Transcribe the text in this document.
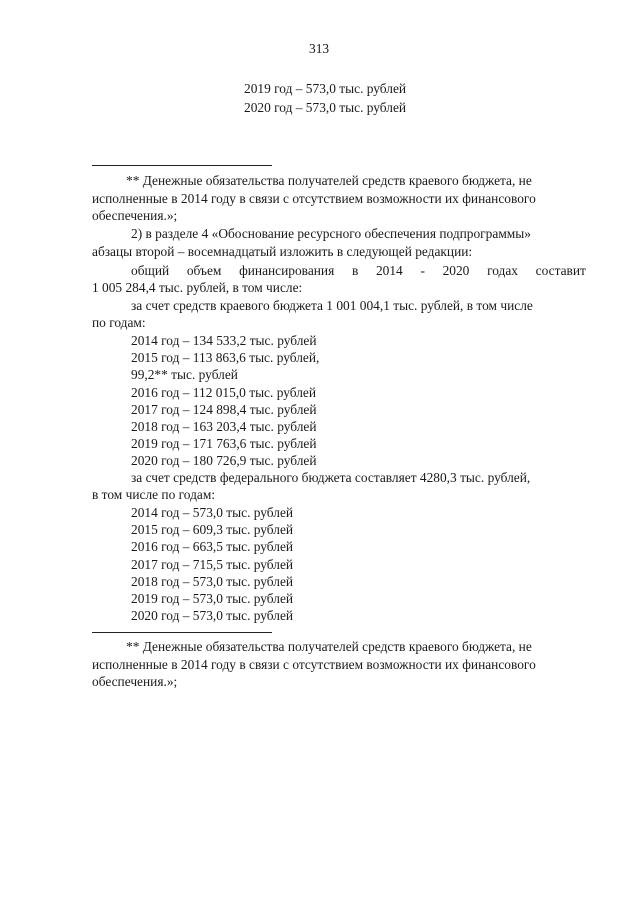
313
2019 год – 573,0 тыс. рублей
2020 год – 573,0 тыс. рублей
** Денежные обязательства получателей средств краевого бюджета, не
исполненные в 2014 году в связи с отсутствием возможности их финансового
обеспечения.»;
2) в разделе 4 «Обоснование ресурсного обеспечения подпрограммы»
абзацы второй – восемнадцатый изложить в следующей редакции:
общий объем финансирования в 2014 - 2020 годах составит
1 005 284,4 тыс. рублей, в том числе:
за счет средств краевого бюджета 1 001 004,1 тыс. рублей, в том числе
по годам:
2014 год – 134 533,2 тыс. рублей
2015 год – 113 863,6 тыс. рублей,
99,2** тыс. рублей
2016 год – 112 015,0 тыс. рублей
2017 год – 124 898,4 тыс. рублей
2018 год – 163 203,4 тыс. рублей
2019 год – 171 763,6 тыс. рублей
2020 год – 180 726,9 тыс. рублей
за счет средств федерального бюджета составляет 4280,3 тыс. рублей,
в том числе по годам:
2014 год – 573,0 тыс. рублей
2015 год – 609,3 тыс. рублей
2016 год – 663,5 тыс. рублей
2017 год – 715,5 тыс. рублей
2018 год – 573,0 тыс. рублей
2019 год – 573,0 тыс. рублей
2020 год – 573,0 тыс. рублей
** Денежные обязательства получателей средств краевого бюджета, не
исполненные в 2014 году в связи с отсутствием возможности их финансового
обеспечения.»;
